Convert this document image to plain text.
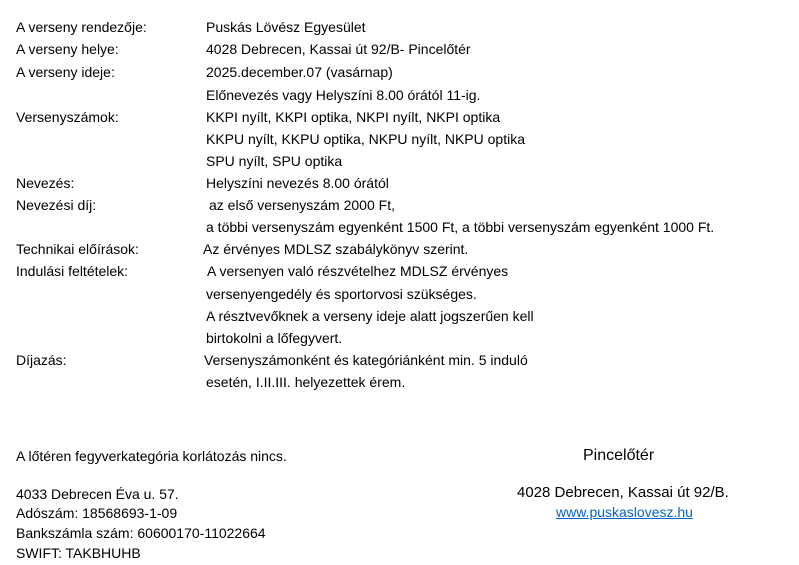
A verseny rendezője:	Puskás Lövész Egyesület
A verseny helye:	4028 Debrecen, Kassai út 92/B- Pincelőtér
A verseny ideje:	2025.december.07 (vasárnap)
Előnevezés vagy Helyszíni 8.00 órától 11-ig.
Versenyszámok:	KKPI nyílt, KKPI optika, NKPI nyílt, NKPI optika
KKPU nyílt, KKPU optika, NKPU nyílt, NKPU optika
SPU nyílt, SPU optika
Nevezés:	Helyszíni nevezés 8.00 órától
Nevezési díj:	az első versenyszám 2000 Ft,
a többi versenyszám egyenként 1500 Ft, a többi versenyszám egyenként 1000 Ft.
Technikai előírások:	Az érvényes MDLSZ szabálykönyv szerint.
Indulási feltételek:	A versenyen való részvételhez MDLSZ érvényes
versenyengedély és sportorvosi szükséges.
A résztvevőknek a verseny ideje alatt jogszerűen kell
birtokolni a lőfegyvert.
Díjazás:	Versenyszámonként és kategóriánként min. 5 induló
esetén, I.II.III. helyezettek érem.
A lőtéren fegyverkategória korlátozás nincs.
4033 Debrecen Éva u. 57.
Adószám: 18568693-1-09
Bankszámla szám: 60600170-11022664
SWIFT: TAKBHUHB
Pincelőtér
4028 Debrecen, Kassai út 92/B.
www.puskaslovesz.hu
